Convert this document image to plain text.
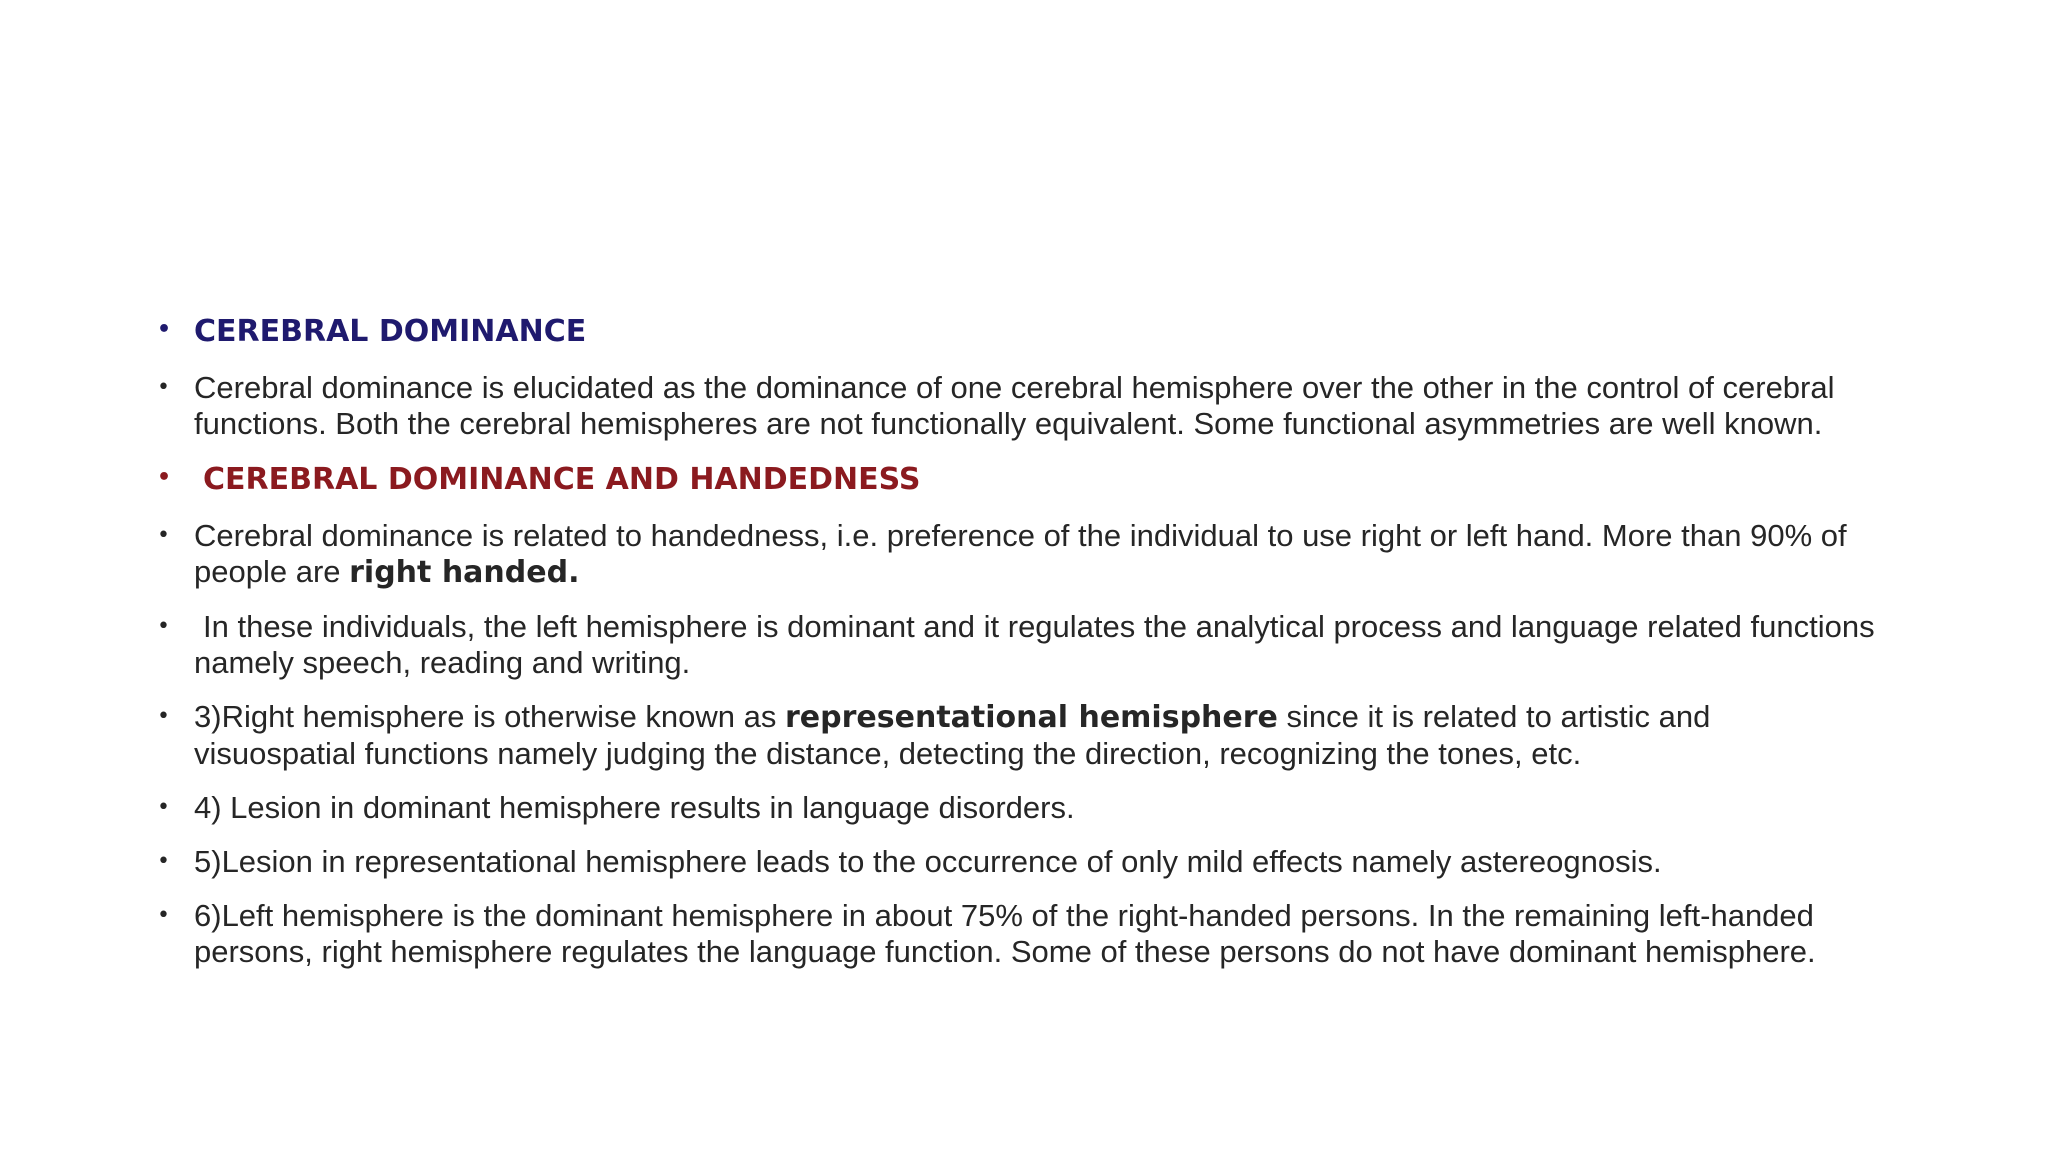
• CEREBRAL DOMINANCE
• Cerebral dominance is elucidated as the dominance of one cerebral hemisphere over the other in the control of cerebral functions. Both the cerebral hemispheres are not functionally equivalent. Some functional asymmetries are well known.
• CEREBRAL DOMINANCE AND HANDEDNESS
• Cerebral dominance is related to handedness, i.e. preference of the individual to use right or left hand. More than 90% of people are right handed.
• In these individuals, the left hemisphere is dominant and it regulates the analytical process and language related functions namely speech, reading and writing.
• 3)Right hemisphere is otherwise known as representational hemisphere since it is related to artistic and visuospatial functions namely judging the distance, detecting the direction, recognizing the tones, etc.
• 4) Lesion in dominant hemisphere results in language disorders.
• 5)Lesion in representational hemisphere leads to the occurrence of only mild effects namely astereognosis.
• 6)Left hemisphere is the dominant hemisphere in about 75% of the right-handed persons. In the remaining left-handed persons, right hemisphere regulates the language function. Some of these persons do not have dominant hemisphere.
